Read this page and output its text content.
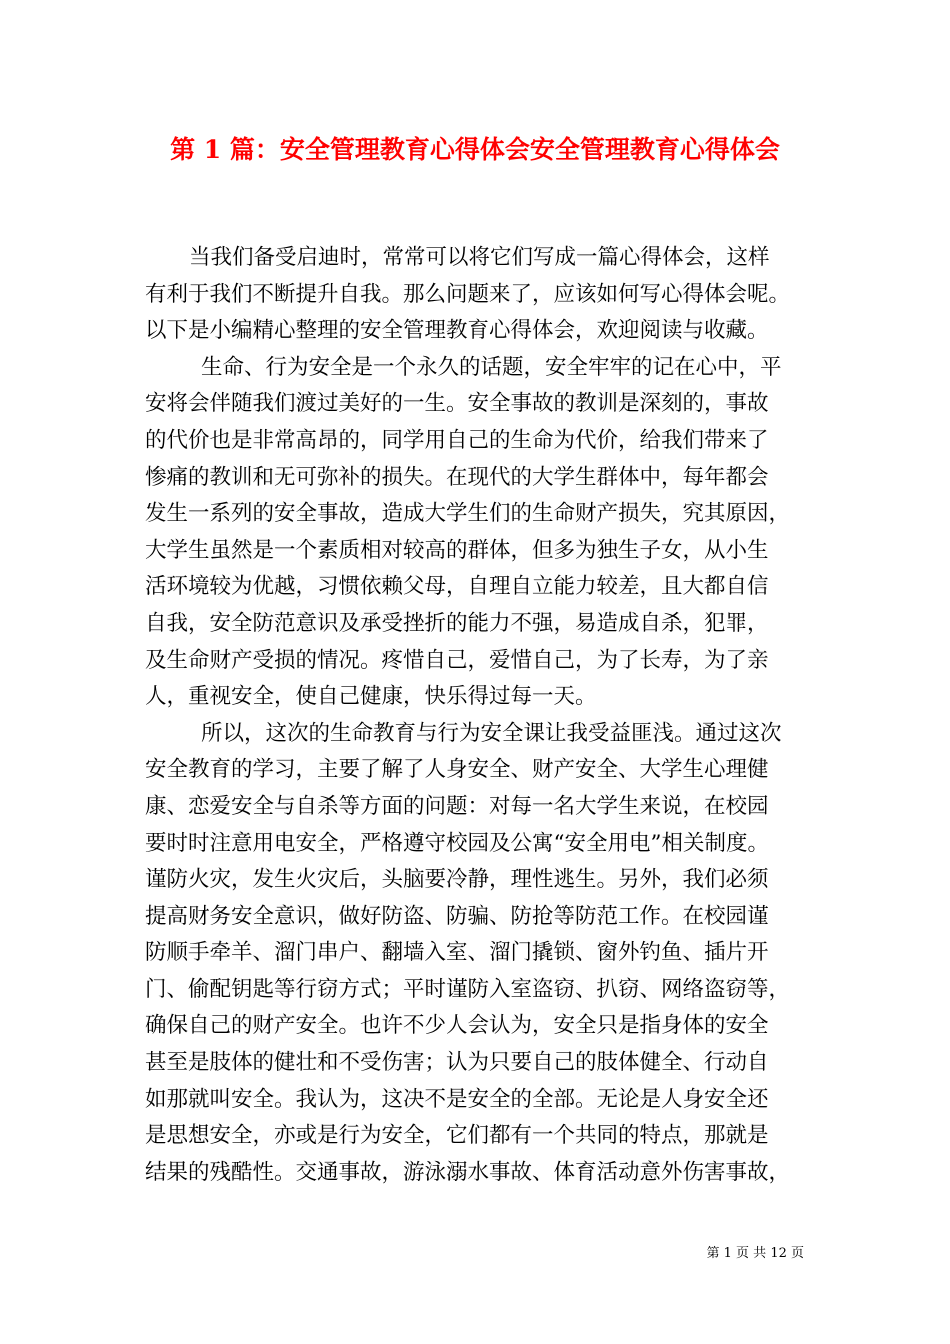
第 1 篇：安全管理教育心得体会安全管理教育心得体会
当我们备受启迪时，常常可以将它们写成一篇心得体会，这样
有利于我们不断提升自我。那么问题来了，应该如何写心得体会呢。
以下是小编精心整理的安全管理教育心得体会，欢迎阅读与收藏。
生命、行为安全是一个永久的话题，安全牢牢的记在心中，平
安将会伴随我们渡过美好的一生。安全事故的教训是深刻的，事故
的代价也是非常高昂的，同学用自己的生命为代价，给我们带来了
惨痛的教训和无可弥补的损失。在现代的大学生群体中，每年都会
发生一系列的安全事故，造成大学生们的生命财产损失，究其原因，
大学生虽然是一个素质相对较高的群体，但多为独生子女，从小生
活环境较为优越，习惯依赖父母，自理自立能力较差，且大都自信
自我，安全防范意识及承受挫折的能力不强，易造成自杀，犯罪，
及生命财产受损的情况。疼惜自己，爱惜自己，为了长寿，为了亲
人，重视安全，使自己健康，快乐得过每一天。
所以，这次的生命教育与行为安全课让我受益匪浅。通过这次
安全教育的学习，主要了解了人身安全、财产安全、大学生心理健
康、恋爱安全与自杀等方面的问题：对每一名大学生来说，在校园
要时时注意用电安全，严格遵守校园及公寓“安全用电”相关制度。
谨防火灾，发生火灾后，头脑要冷静，理性逃生。另外，我们必须
提高财务安全意识，做好防盗、防骗、防抢等防范工作。在校园谨
防顺手牵羊、溜门串户、翻墙入室、溜门撬锁、窗外钓鱼、插片开
门、偷配钥匙等行窃方式；平时谨防入室盗窃、扒窃、网络盗窃等，
确保自己的财产安全。也许不少人会认为，安全只是指身体的安全
甚至是肢体的健壮和不受伤害；认为只要自己的肢体健全、行动自
如那就叫安全。我认为，这决不是安全的全部。无论是人身安全还
是思想安全，亦或是行为安全，它们都有一个共同的特点，那就是
结果的残酷性。交通事故，游泳溺水事故、体育活动意外伤害事故，
第 1 页 共 12 页
